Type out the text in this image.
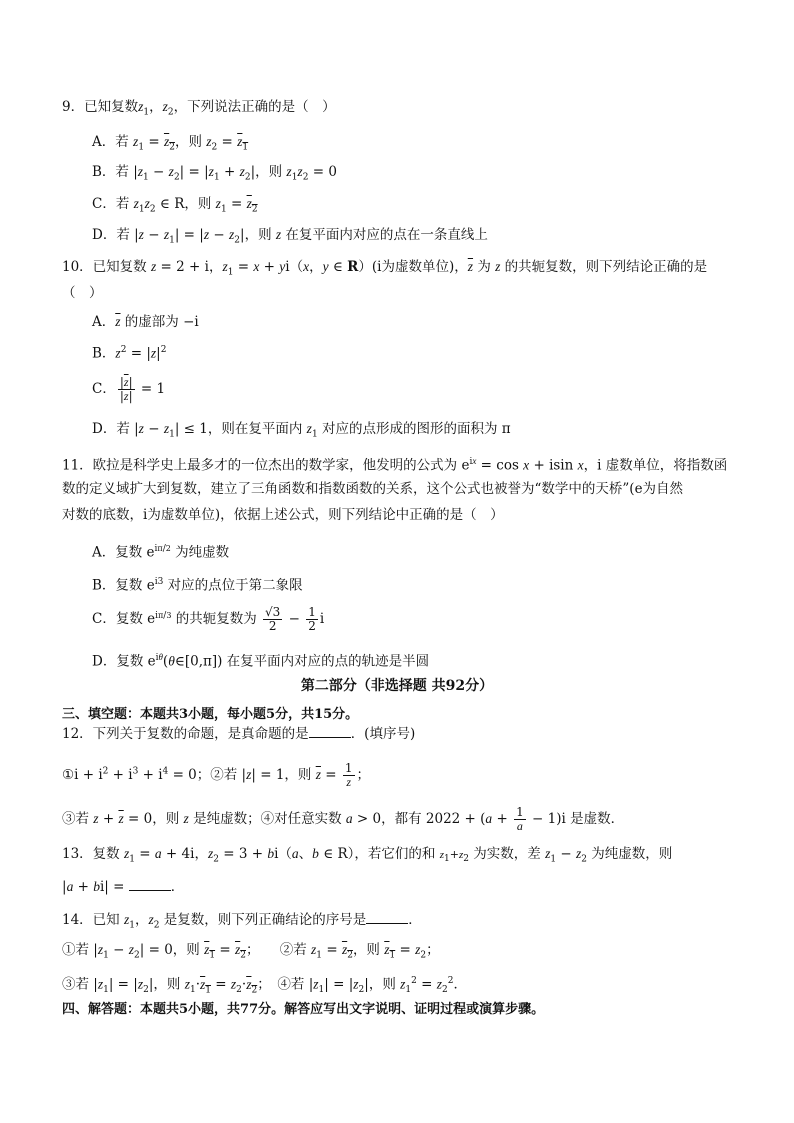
9．已知复数$z_1$，$z_2$，下列说法正确的是（　）
A．若 $z_1 = z_2$，则 $z_2 = z_1$
B．若 $|z_1 - z_2| = |z_1 + z_2|$，则 $z_1z_2 = 0$
C．若 $z_1z_2$ ∈ R，则 $z_1 = z_2$
D．若 $|z - z_1| = |z - z_2|$，则 z 在复平面内对应的点在一条直线上
10．已知复数 z = 2 + i，$z_1 = x + yi(x$，y ∈ R）(i为虚数单位)，$\overline{z}$ 为 z 的共轭复数，则下列结论正确的是
（　）
A．$\overline{z}$ 的虚部为 −i
B．$z^2 = |z|^2$
C． $\frac{|\overline{z}|}{|z|} = 1$
D．若 $|z - z_1| \le 1$，则在复平面内 $z_1$ 对应的点形成的图形的面积为 π
11．欧拉是科学史上最多才的一位杰出的数学家，他发明的公式为 $e^{ix} = \cos x + isin$ x，i 虚数单位，将指数函
数的定义域扩大到复数，建立了三角函数和指数函数的关系，这个公式也被誉为“数学中的天桥”(e为自然
对数的底数，i为虚数单位)，依据上述公式，则下列结论中正确的是（　）
A．复数 $e^{i\pi/2}$ 为纯虚数
B．复数 $e^{i3}$ 对应的点位于第二象限
C．复数 $e^{i\pi/3}$ 的共轭复数为 $\frac{√3}{2} - \frac{1}{2}$ i
D．复数 $e^{i\theta}(\theta\in[0,\pi])$ 在复平面内对应的点的轨迹是半圆
第二部分（非选择题 共92分）
三、填空题：本题共3小题，每小题5分，共15分。
12．下列关于复数的命题，是真命题的是	．(填序号)
①i + $i^2 + i^3 + i^4 = 0$；②若 |z| = 1，则 $\overline{z} = \frac{1}{z}$ ；
③若 $z + \overline{z} = 0$，则 z 是纯虚数；④对任意实数 a > 0，都有 $2022 + (a + \frac{1}{a} - 1)i$ 是虚数．
13．复数 $z_1 = a + 4i$，$z_2 = 3 + bi(a$、b ∈ R），若它们的和 $z_1+z_2$ 为实数，差 $z_1 - z_2$ 为纯虚数，则
|a + bi| =	．
14．已知 $z_1$，$z_2$ 是复数，则下列正确结论的序号是	．
①若 $|z_1 - z_2| = 0$，则 $z_1 = z_2$；　　②若 $z_1 = z_2$，则 $z_1 = z_2$；
③若 $|z_1| = |z_2|$，则 $z_1\cdot z_1 = z_2\cdot z_2$；　④若 $|z_1| = |z_2|$，则 $z_1^2 = z_2^2$．
四、解答题：本题共5小题，共77分。解答应写出文字说明、证明过程或演算步骤。
